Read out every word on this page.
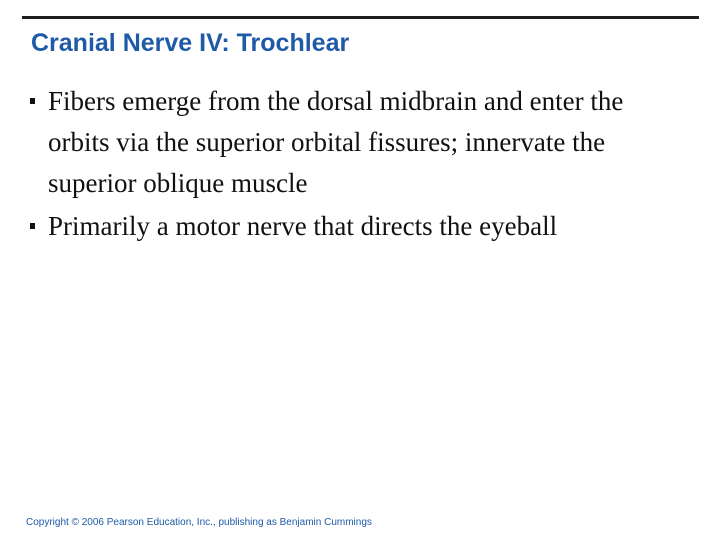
Cranial Nerve IV: Trochlear
Fibers emerge from the dorsal midbrain and enter the orbits via the superior orbital fissures; innervate the superior oblique muscle
Primarily a motor nerve that directs the eyeball
Copyright © 2006 Pearson Education, Inc., publishing as Benjamin Cummings
